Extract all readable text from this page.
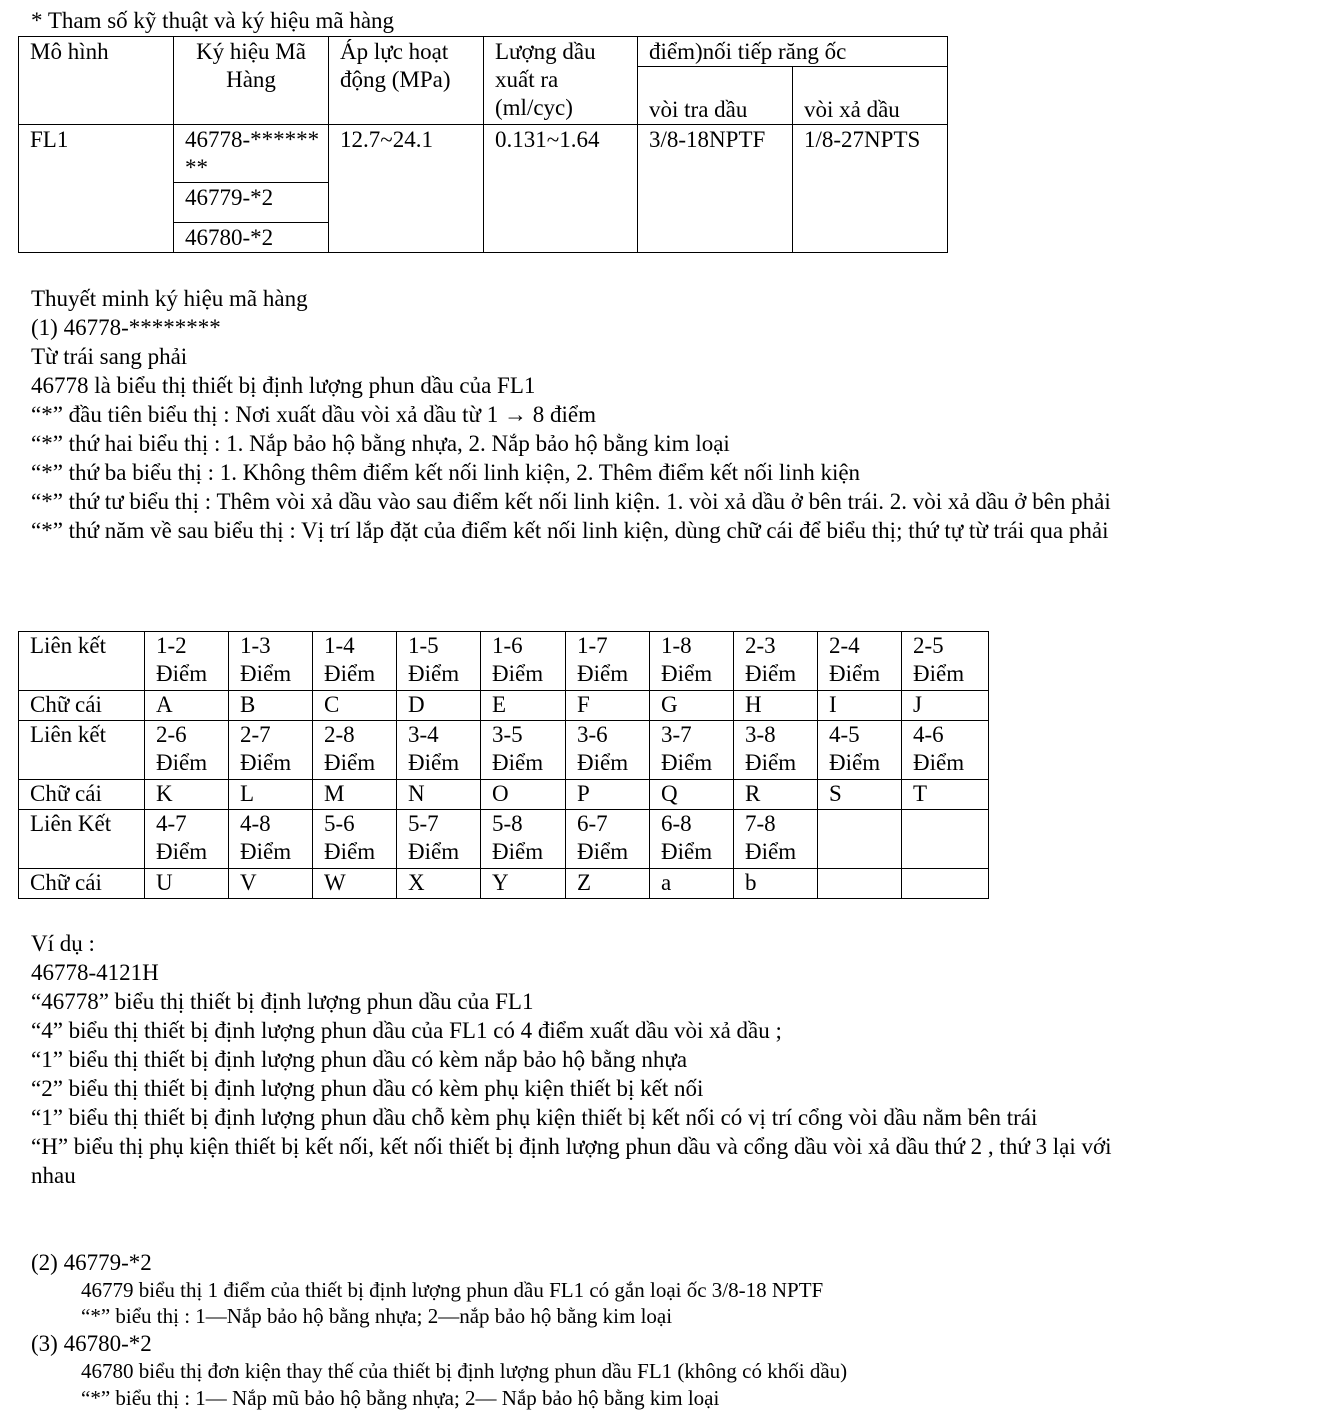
* Tham số kỹ thuật và ký hiệu mã hàng

Mô hình	Ký hiệu Mã Hàng	Áp lực hoạt động (MPa)	Lượng dầu xuất ra (ml/cyc)	điểm)nối tiếp răng ốc	
				vòi tra dầu	vòi xả dầu
FL1	46778-********	12.7~24.1	0.131~1.64	3/8-18NPTF	1/8-27NPTS
	46779-*2				
	46780-*2				

Thuyết minh ký hiệu mã hàng

(1) 46778-********

Từ trái sang phải

46778 là biểu thị thiết bị định lượng phun dầu của FL1

“*” đầu tiên biểu thị : Nơi xuất dầu vòi xả dầu từ 1 → 8 điểm

“*” thứ hai biểu thị : 1. Nắp bảo hộ bằng nhựa, 2. Nắp bảo hộ bằng kim loại

“*” thứ ba biểu thị : 1. Không thêm điểm kết nối linh kiện, 2. Thêm điểm kết nối linh kiện

“*” thứ tư biểu thị : Thêm vòi xả dầu vào sau điểm kết nối linh kiện. 1. vòi xả dầu ở bên trái. 2. vòi xả dầu ở bên phải

“*” thứ năm về sau biểu thị : Vị trí lắp đặt của điểm kết nối linh kiện, dùng chữ cái để biểu thị; thứ tự từ trái qua phải

Liên kết	1-2 Điểm	1-3 Điểm	1-4 Điểm	1-5 Điểm	1-6 Điểm	1-7 Điểm	1-8 Điểm	2-3 Điểm	2-4 Điểm	2-5 Điểm
Chữ cái	A	B	C	D	E	F	G	H	I	J
Liên kết	2-6 Điểm	2-7 Điểm	2-8 Điểm	3-4 Điểm	3-5 Điểm	3-6 Điểm	3-7 Điểm	3-8 Điểm	4-5 Điểm	4-6 Điểm
Chữ cái	K	L	M	N	O	P	Q	R	S	T
Liên Kết	4-7 Điểm	4-8 Điểm	5-6 Điểm	5-7 Điểm	5-8 Điểm	6-7 Điểm	6-8 Điểm	7-8 Điểm		
Chữ cái	U	V	W	X	Y	Z	a	b		

Ví dụ :

46778-4121H

“46778” biểu thị thiết bị định lượng phun dầu của FL1

“4” biểu thị thiết bị định lượng phun dầu của FL1 có 4 điểm xuất dầu vòi xả dầu ;

“1” biểu thị thiết bị định lượng phun dầu có kèm nắp bảo hộ bằng nhựa

“2” biểu thị thiết bị định lượng phun dầu có kèm phụ kiện thiết bị kết nối

“1” biểu thị thiết bị định lượng phun dầu chỗ kèm phụ kiện thiết bị kết nối có vị trí cổng vòi dầu nằm bên trái

“H” biểu thị phụ kiện thiết bị kết nối, kết nối thiết bị định lượng phun dầu và cổng dầu vòi xả dầu thứ 2 , thứ 3 lại với nhau

(2) 46779-*2

46779 biểu thị 1 điểm của thiết bị định lượng phun dầu FL1 có gắn loại ốc 3/8-18 NPTF

“*” biểu thị : 1—Nắp bảo hộ bằng nhựa; 2—nắp bảo hộ bằng kim loại

(3) 46780-*2

46780 biểu thị đơn kiện thay thế của thiết bị định lượng phun dầu FL1 (không có khối dầu)

“*” biểu thị : 1— Nắp mũ bảo hộ bằng nhựa; 2— Nắp bảo hộ bằng kim loại
